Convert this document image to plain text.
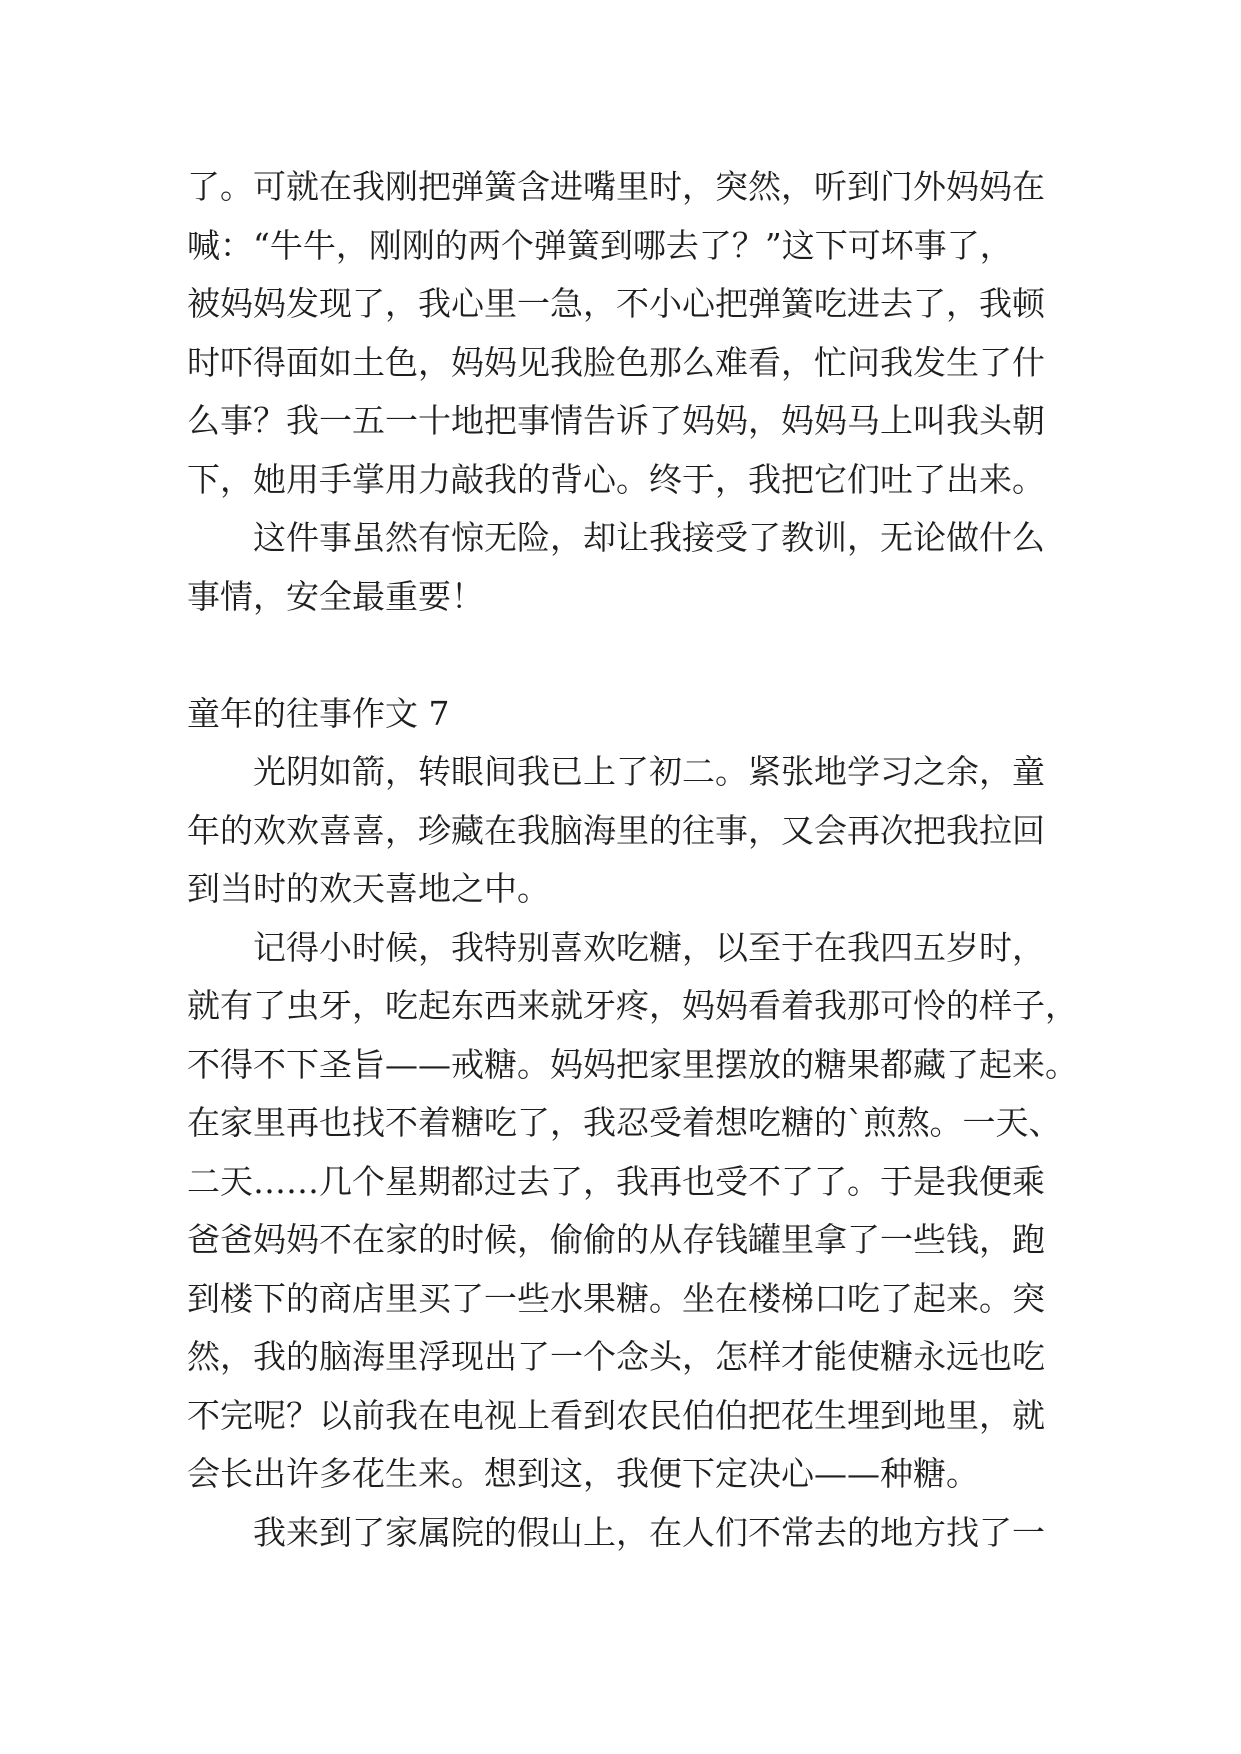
了。可就在我刚把弹簧含进嘴里时，突然，听到门外妈妈在
喊：“牛牛，刚刚的两个弹簧到哪去了？”这下可坏事了，
被妈妈发现了，我心里一急，不小心把弹簧吃进去了，我顿
时吓得面如土色，妈妈见我脸色那么难看，忙问我发生了什
么事？我一五一十地把事情告诉了妈妈，妈妈马上叫我头朝
下，她用手掌用力敲我的背心。终于，我把它们吐了出来。
这件事虽然有惊无险，却让我接受了教训，无论做什么
事情，安全最重要！
童年的往事作文 7
光阴如箭，转眼间我已上了初二。紧张地学习之余，童
年的欢欢喜喜，珍藏在我脑海里的往事，又会再次把我拉回
到当时的欢天喜地之中。
记得小时候，我特别喜欢吃糖，以至于在我四五岁时，
就有了虫牙，吃起东西来就牙疼，妈妈看着我那可怜的样子，
不得不下圣旨——戒糖。妈妈把家里摆放的糖果都藏了起来。
在家里再也找不着糖吃了，我忍受着想吃糖的`煎熬。一天、
二天……几个星期都过去了，我再也受不了了。于是我便乘
爸爸妈妈不在家的时候，偷偷的从存钱罐里拿了一些钱，跑
到楼下的商店里买了一些水果糖。坐在楼梯口吃了起来。突
然，我的脑海里浮现出了一个念头，怎样才能使糖永远也吃
不完呢？以前我在电视上看到农民伯伯把花生埋到地里，就
会长出许多花生来。想到这，我便下定决心——种糖。
我来到了家属院的假山上，在人们不常去的地方找了一
